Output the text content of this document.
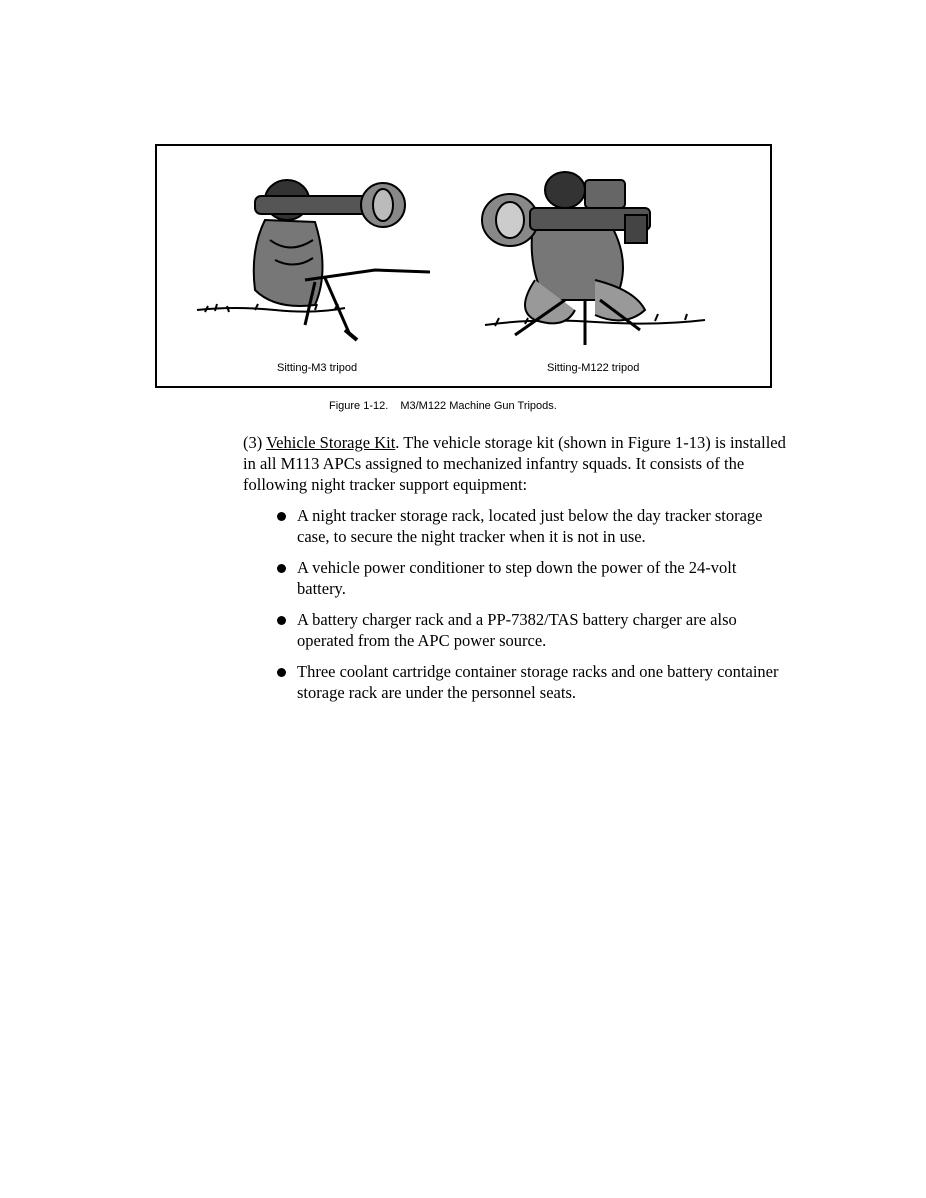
Sitting-M3 tripod	Sitting-M122 tripod
Figure 1-12. M3/M122 Machine Gun Tripods.

(3) Vehicle Storage Kit. The vehicle storage kit (shown in Figure 1-13) is installed in all M113 APCs assigned to mechanized infantry squads. It consists of the following night tracker support equipment:

A night tracker storage rack, located just below the day tracker storage case, to secure the night tracker when it is not in use.
A vehicle power conditioner to step down the power of the 24-volt battery.
A battery charger rack and a PP-7382/TAS battery charger are also operated from the APC power source.
Three coolant cartridge container storage racks and one battery container storage rack are under the personnel seats.
